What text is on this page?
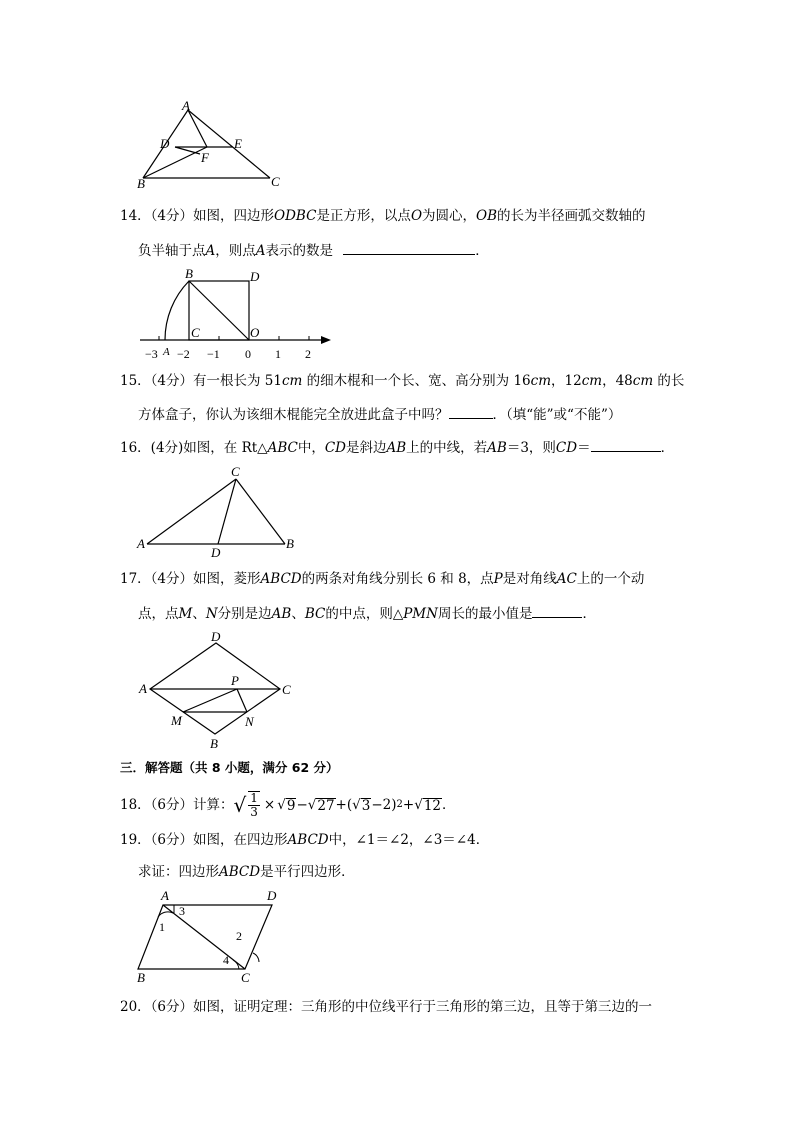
A
D	E
F
B	C
14．（4分）如图，四边形ODBC是正方形，以点O为圆心，OB的长为半径画弧交数轴的
负半轴于点A，则点A表示的数是	．
B	D
C	O
A
−3 −2 −1 0 1 2
15．（4分）有一根长为 51cm 的细木棍和一个长、宽、高分别为 16cm，12cm，48cm 的长
方体盒子，你认为该细木棍能完全放进此盒子中吗？	．（填“能”或“不能”）
16．(4分)如图，在 Rt△ABC中，CD是斜边AB上的中线，若AB＝3，则CD＝	．
C
A
D
B
17．（4分）如图，菱形ABCD的两条对角线分别长 6 和 8，点P是对角线AC上的一个动
点，点M、N分别是边AB、BC的中点，则△PMN周长的最小值是	．
D
A
P
C
M	N
B
三．解答题（共 8 小题，满分 62 分）
18．（6分）计算： √ $\frac{1}{3}$ × √ 9 − √ 27 +( √ 3 −2) 2 + √ 12 ．
19．（6分）如图，在四边形ABCD中，∠1＝∠2，∠3＝∠4．
求证：四边形ABCD是平行四边形．
A
3
D
1
2
4
B	C
20．（6分）如图，证明定理：三角形的中位线平行于三角形的第三边，且等于第三边的一
